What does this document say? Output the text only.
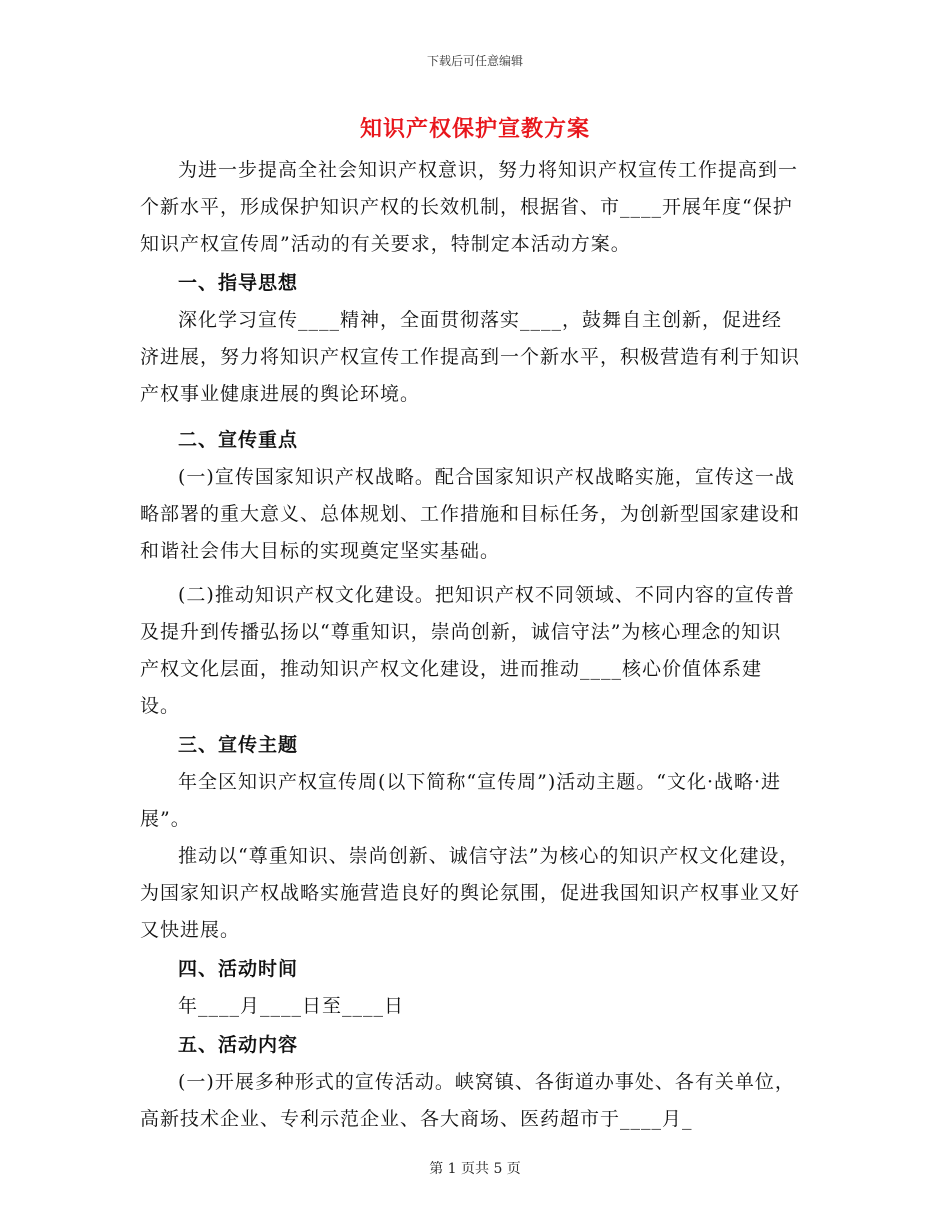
下载后可任意编辑
知识产权保护宣教方案

为进一步提高全社会知识产权意识，努力将知识产权宣传工作提高到一个新水平，形成保护知识产权的长效机制，根据省、市____开展年度“保护知识产权宣传周”活动的有关要求，特制定本活动方案。

一、指导思想

深化学习宣传____精神，全面贯彻落实____，鼓舞自主创新，促进经济进展，努力将知识产权宣传工作提高到一个新水平，积极营造有利于知识产权事业健康进展的舆论环境。

二、宣传重点

(一)宣传国家知识产权战略。配合国家知识产权战略实施，宣传这一战略部署的重大意义、总体规划、工作措施和目标任务，为创新型国家建设和和谐社会伟大目标的实现奠定坚实基础。

(二)推动知识产权文化建设。把知识产权不同领域、不同内容的宣传普及提升到传播弘扬以“尊重知识，崇尚创新，诚信守法”为核心理念的知识产权文化层面，推动知识产权文化建设，进而推动____核心价值体系建设。

三、宣传主题

年全区知识产权宣传周(以下简称“宣传周”)活动主题。“文化·战略·进展”。

推动以“尊重知识、崇尚创新、诚信守法”为核心的知识产权文化建设，为国家知识产权战略实施营造良好的舆论氛围，促进我国知识产权事业又好又快进展。

四、活动时间

年____月____日至____日

五、活动内容

(一)开展多种形式的宣传活动。峡窝镇、各街道办事处、各有关单位，高新技术企业、专利示范企业、各大商场、医药超市于____月_

第 1 页共 5 页
